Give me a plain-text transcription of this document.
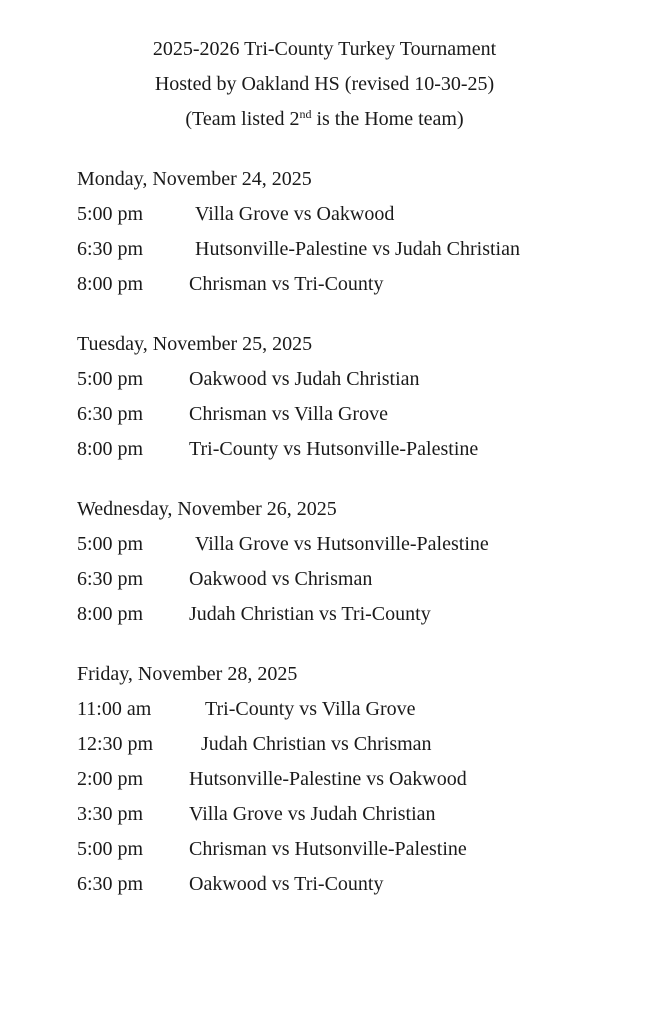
2025-2026 Tri-County Turkey Tournament
Hosted by Oakland HS (revised 10-30-25)
(Team listed 2nd is the Home team)
Monday, November 24, 2025
5:00 pm	Villa Grove vs Oakwood
6:30 pm	Hutsonville-Palestine vs Judah Christian
8:00 pm	Chrisman vs Tri-County
Tuesday, November 25, 2025
5:00 pm	Oakwood vs Judah Christian
6:30 pm	Chrisman vs Villa Grove
8:00 pm	Tri-County vs Hutsonville-Palestine
Wednesday, November 26, 2025
5:00 pm	Villa Grove vs Hutsonville-Palestine
6:30 pm	Oakwood vs Chrisman
8:00 pm	Judah Christian vs Tri-County
Friday, November 28, 2025
11:00 am	Tri-County vs Villa Grove
12:30 pm	Judah Christian vs Chrisman
2:00 pm	Hutsonville-Palestine vs Oakwood
3:30 pm	Villa Grove vs Judah Christian
5:00 pm	Chrisman vs Hutsonville-Palestine
6:30 pm	Oakwood vs Tri-County
